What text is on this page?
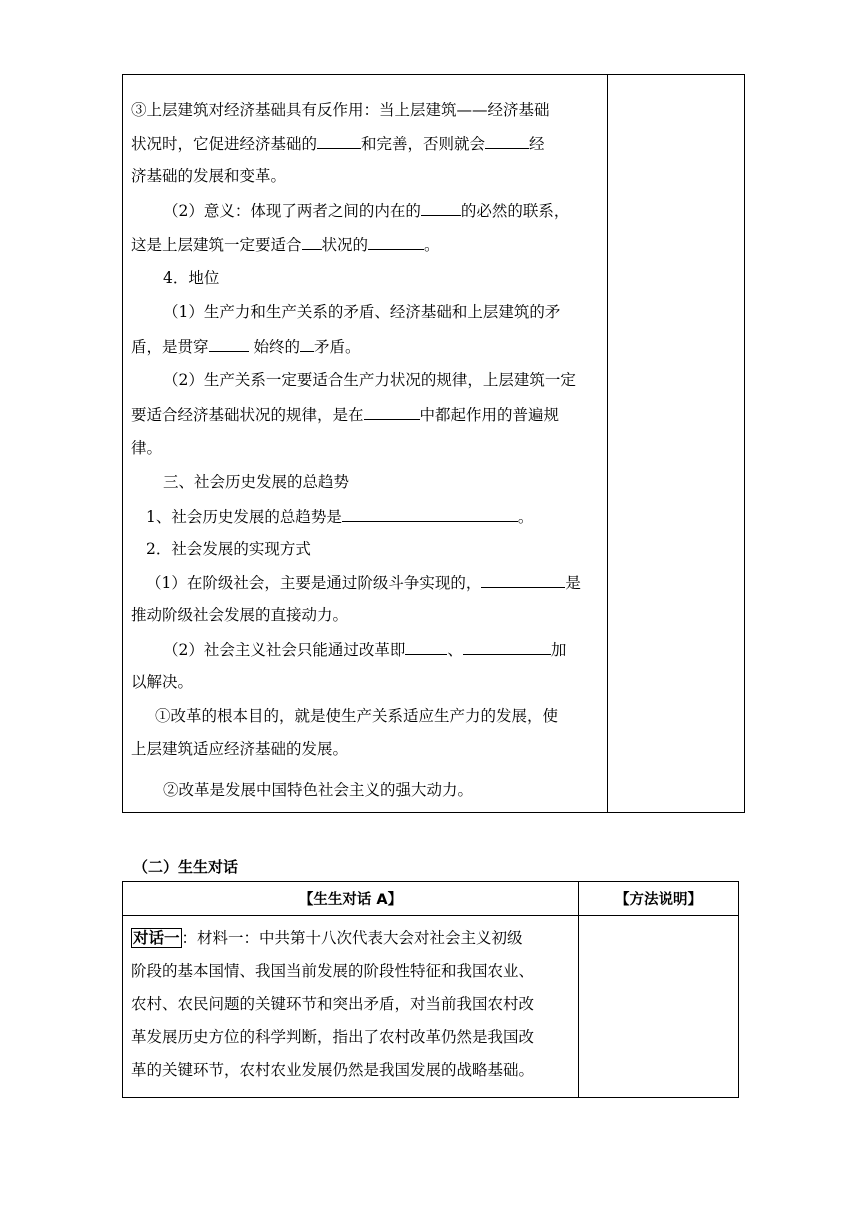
③上层建筑对经济基础具有反作用：当上层建筑——经济基础
状况时，它促进经济基础的	和完善，否则就会	经
济基础的发展和变革。
（2）意义：体现了两者之间的内在的	的必然的联系，
这是上层建筑一定要适合 状况的	。
4．地位
（1）生产力和生产关系的矛盾、经济基础和上层建筑的矛
盾，是贯穿	始终的 矛盾。
（2）生产关系一定要适合生产力状况的规律，上层建筑一定
要适合经济基础状况的规律，是在	中都起作用的普遍规
律。
三、社会历史发展的总趋势
1、社会历史发展的总趋势是	。
2．社会发展的实现方式
（1）在阶级社会，主要是通过阶级斗争实现的，	是
推动阶级社会发展的直接动力。
（2）社会主义社会只能通过改革即	、	加
以解决。
①改革的根本目的，就是使生产关系适应生产力的发展，使
上层建筑适应经济基础的发展。
②改革是发展中国特色社会主义的强大动力。
（二）生生对话
【生生对话 A】	【方法说明】

对话一 ：材料一：中共第十八次代表大会对社会主义初级
阶段的基本国情、我国当前发展的阶段性特征和我国农业、
农村、农民问题的关键环节和突出矛盾，对当前我国农村改
革发展历史方位的科学判断，指出了农村改革仍然是我国改
革的关键环节，农村农业发展仍然是我国发展的战略基础。
